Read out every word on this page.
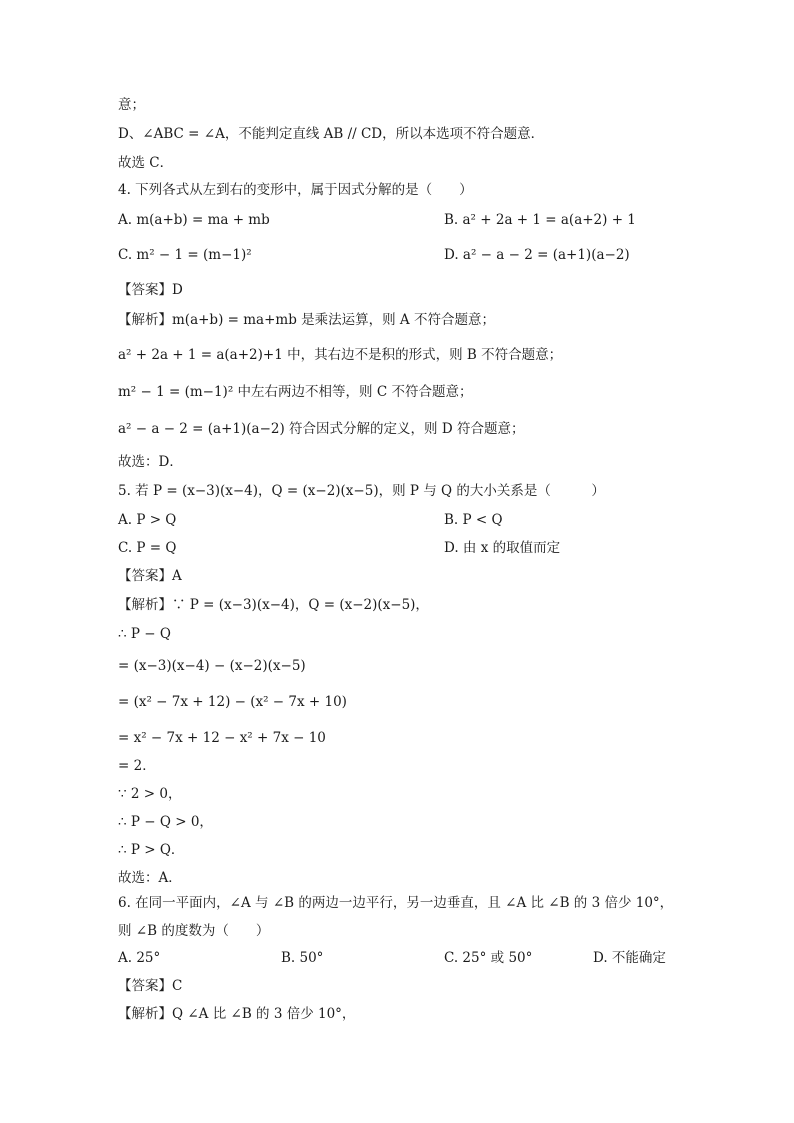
意；
D、∠ABC = ∠A，不能判定直线 AB // CD，所以本选项不符合题意．
故选 C．
4. 下列各式从左到右的变形中，属于因式分解的是（　　）
A. m(a+b) = ma + mb	B. a² + 2a + 1 = a(a+2) + 1
C. m² − 1 = (m−1)²	D. a² − a − 2 = (a+1)(a−2)
【答案】D
【解析】m(a+b) = ma+mb 是乘法运算，则 A 不符合题意；
a² + 2a + 1 = a(a+2)+1 中，其右边不是积的形式，则 B 不符合题意；
m² − 1 = (m−1)² 中左右两边不相等，则 C 不符合题意；
a² − a − 2 = (a+1)(a−2) 符合因式分解的定义，则 D 符合题意；
故选：D．
5. 若 P = (x−3)(x−4)，Q = (x−2)(x−5)，则 P 与 Q 的大小关系是（　　　）
A. P > Q	B. P < Q
C. P = Q	D. 由 x 的取值而定
【答案】A
【解析】∵ P = (x−3)(x−4)，Q = (x−2)(x−5)，
∴ P − Q
= (x−3)(x−4) − (x−2)(x−5)
= (x² − 7x + 12) − (x² − 7x + 10)
= x² − 7x + 12 − x² + 7x − 10
= 2．
∵ 2 > 0，
∴ P − Q > 0，
∴ P > Q．
故选：A．
6. 在同一平面内，∠A 与 ∠B 的两边一边平行，另一边垂直，且 ∠A 比 ∠B 的 3 倍少 10°，
则 ∠B 的度数为（　　）
A. 25°	B. 50°	C. 25° 或 50°	D. 不能确定
【答案】C
【解析】Q ∠A 比 ∠B 的 3 倍少 10°，
